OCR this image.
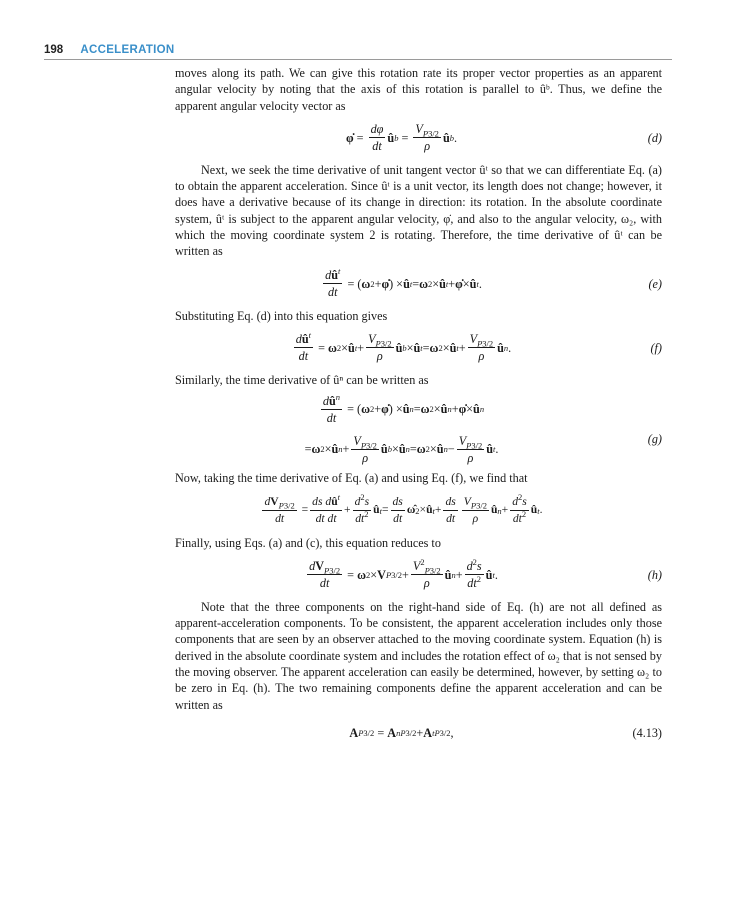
198 ACCELERATION

moves along its path. We can give this rotation rate its proper vector properties as an apparent angular velocity by noting that the axis of this rotation is parallel to ûᵇ. Thus, we define the apparent angular velocity vector as

φ̇ = $\frac{d\varphi}{dt}$ û $b = \frac{V_{P3/2}}{\rho}$ û b .	(d)

Next, we seek the time derivative of unit tangent vector ûᵗ so that we can differentiate Eq. (a) to obtain the apparent acceleration. Since ûᵗ is a unit vector, its length does not change; however, it does have a derivative because of its change in direction: its rotation. In the absolute coordinate system, ûᵗ is subject to the apparent angular velocity, φ̇, and also to the angular velocity, ω₂, with which the moving coordinate system 2 is rotating. Therefore, the time derivative of ûᵗ can be written as

$\frac{dû^t}{dt}$ = ( ω 2 + φ̇ ) × û t = ω 2 × û t + φ̇ × û t .	(e)

Substituting Eq. (d) into this equation gives

$\frac{dû^t}{dt} = \omega$ 2 × û $t + \frac{V_{P3/2}}{\rho}$ û b × û t = ω 2 × û $t + \frac{V_{P3/2}}{\rho}$ û n .	(f)

Similarly, the time derivative of ûⁿ can be written as

$\frac{dû^n}{dt}$ = ( ω 2 + φ̇ ) × û n = ω 2 × û n + φ̇ × û n
= ω 2 × û $n + \frac{V_{P3/2}}{\rho}$ û b × û n = ω 2 × û $n - \frac{V_{P3/2}}{\rho}$ û t .
(g)

Now, taking the time derivative of Eq. (a) and using Eq. (f), we find that

$\frac{dV_{P3/2}}{dt} = \frac{ds dû^t}{\text{dt dt}} + \frac{d^2s}{dt^2}$ û $t = \frac{ds}{dt}$ ω̂ 2 × û $t + \frac{ds}{dt} \frac{V_{P3/2}}{\rho}$ û $n + \frac{d^2s}{dt^2}$ û t .

Finally, using Eqs. (a) and (c), this equation reduces to

$\frac{dV_{P3/2}}{dt} = \omega$ 2 × V $P3/2 + \frac{V^2_{P3/2}}{\rho}$ û $n + \frac{d^2s}{dt^2}$ û t .	(h)

Note that the three components on the right-hand side of Eq. (h) are not all defined as apparent-acceleration components. To be consistent, the apparent acceleration includes only those components that are seen by an observer attached to the moving coordinate system. Equation (h) is derived in the absolute coordinate system and includes the rotation effect of ω₂ that is not sensed by the moving observer. The apparent acceleration can easily be determined, however, by setting ω₂ to be zero in Eq. (h). The two remaining components define the apparent acceleration and can be written as

A P3/2 = A n P3/2 + A t P3/2 ,	(4.13)
